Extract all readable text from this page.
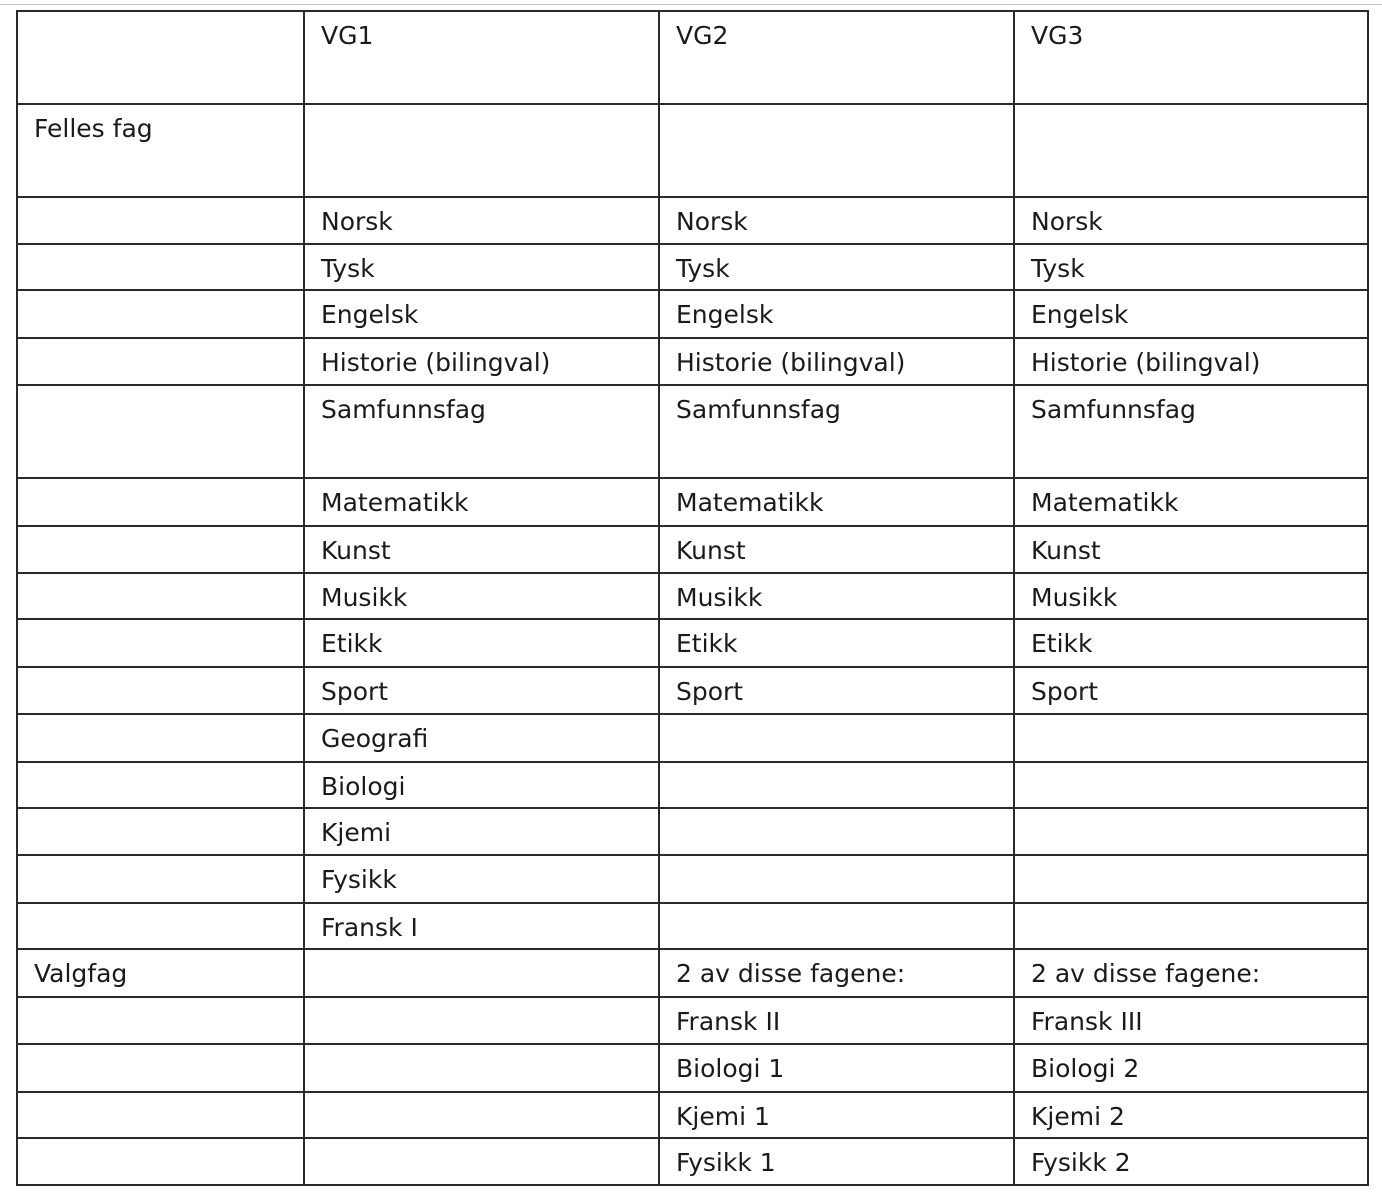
	VG1	VG2	VG3
Felles fag			
	Norsk	Norsk	Norsk
	Tysk	Tysk	Tysk
	Engelsk	Engelsk	Engelsk
	Historie (bilingval)	Historie (bilingval)	Historie (bilingval)
	Samfunnsfag	Samfunnsfag	Samfunnsfag
	Matematikk	Matematikk	Matematikk
	Kunst	Kunst	Kunst
	Musikk	Musikk	Musikk
	Etikk	Etikk	Etikk
	Sport	Sport	Sport
	Geografi		
	Biologi		
	Kjemi		
	Fysikk		
	Fransk I		
Valgfag		2 av disse fagene:	2 av disse fagene:
		Fransk II	Fransk III
		Biologi 1	Biologi 2
		Kjemi 1	Kjemi 2
		Fysikk 1	Fysikk 2
